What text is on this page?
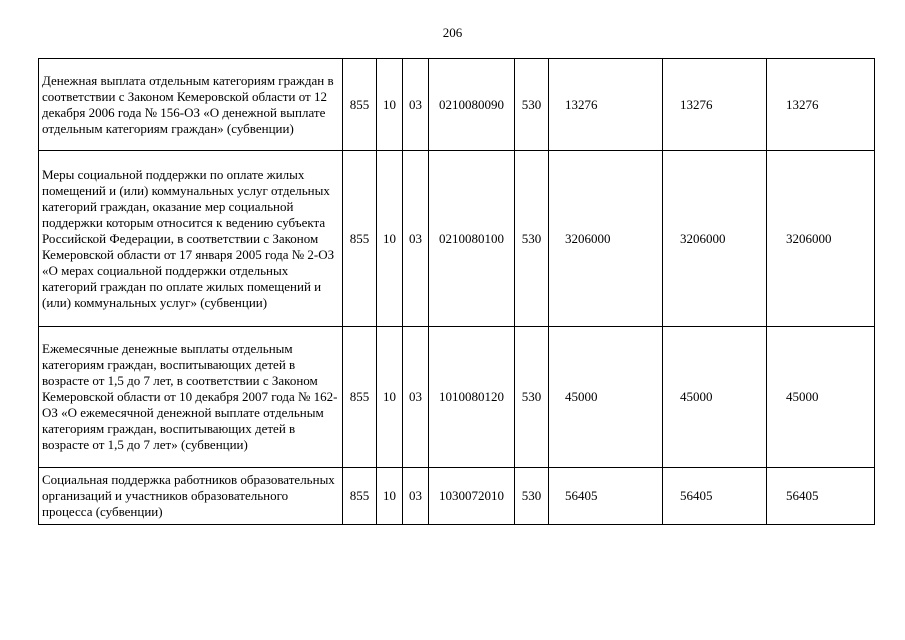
206
Денежная выплата отдельным категориям граждан в соответствии с Законом Кемеровской области от 12 декабря 2006 года № 156-ОЗ «О денежной выплате отдельным категориям граждан» (субвенции)	855	10	03	0210080090	530	13276	13276	13276
Меры социальной поддержки по оплате жилых помещений и (или) коммунальных услуг отдельных категорий граждан, оказание мер социальной поддержки которым относится к ведению субъекта Российской Федерации, в соответствии с Законом Кемеровской области от 17 января 2005 года № 2-ОЗ «О мерах социальной поддержки отдельных категорий граждан по оплате жилых помещений и (или) коммунальных услуг» (субвенции)	855	10	03	0210080100	530	3206000	3206000	3206000
Ежемесячные денежные выплаты отдельным категориям граждан, воспитывающих детей в возрасте от 1,5 до 7 лет, в соответствии с Законом Кемеровской области от 10 декабря 2007 года № 162-ОЗ «О ежемесячной денежной выплате отдельным категориям граждан, воспитывающих детей в возрасте от 1,5 до 7 лет» (субвенции)	855	10	03	1010080120	530	45000	45000	45000
Социальная поддержка работников образовательных организаций и участников образовательного процесса (субвенции)	855	10	03	1030072010	530	56405	56405	56405
